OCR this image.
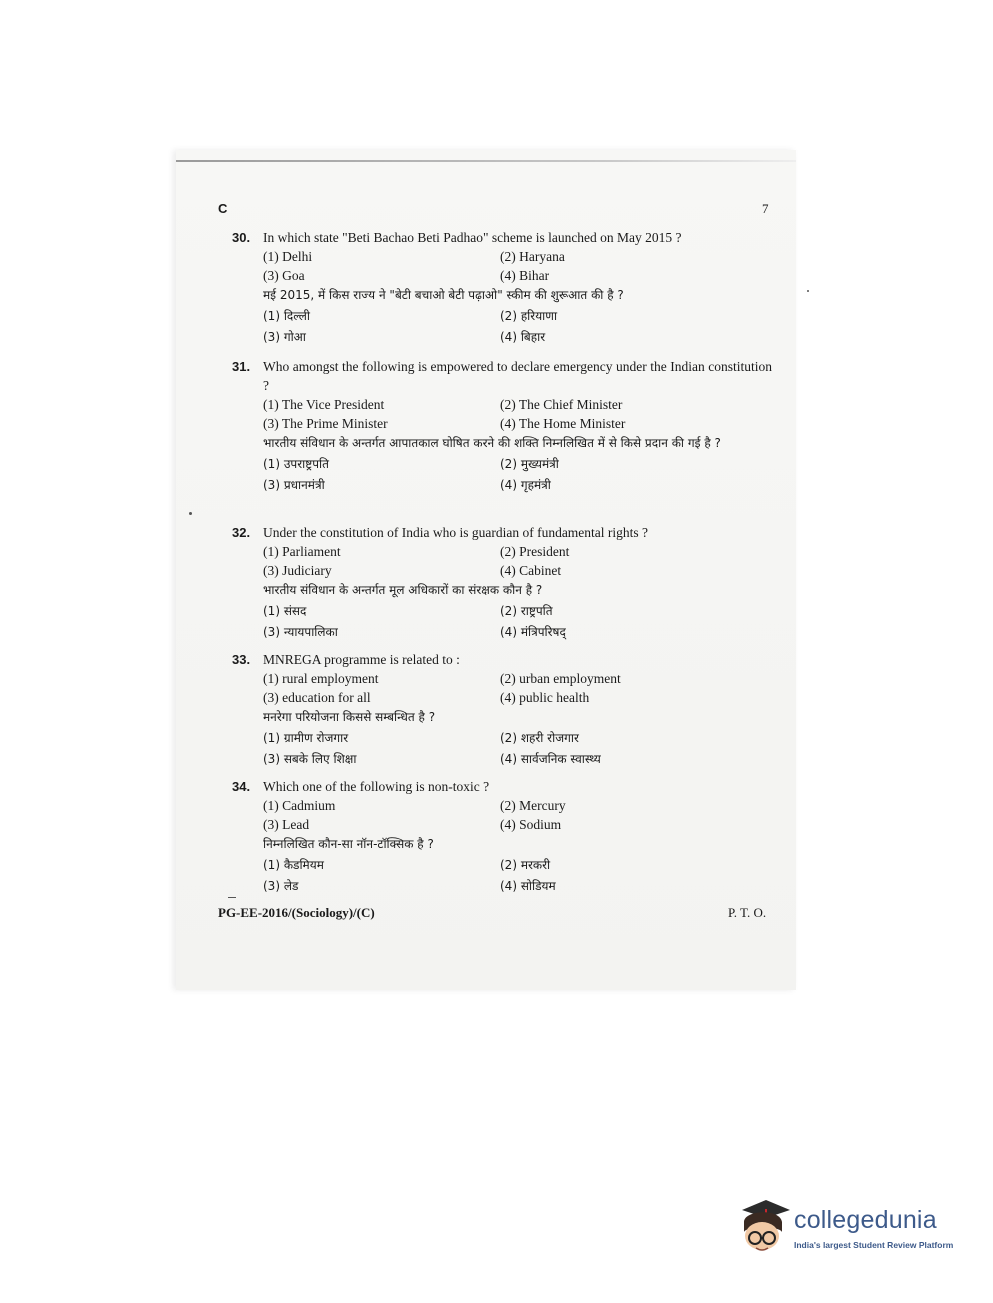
C	7
30. In which state "Beti Bachao Beti Padhao" scheme is launched on May 2015 ?
(1) Delhi	(2) Haryana
(3) Goa	(4) Bihar
मई 2015, में किस राज्य ने "बेटी बचाओ बेटी पढ़ाओ" स्कीम की शुरूआत की है ?
(1) दिल्ली	(2) हरियाणा
(3) गोआ	(4) बिहार
31. Who amongst the following is empowered to declare emergency under the Indian constitution ?
(1) The Vice President	(2) The Chief Minister
(3) The Prime Minister	(4) The Home Minister
भारतीय संविधान के अन्तर्गत आपातकाल घोषित करने की शक्ति निम्नलिखित में से किसे प्रदान की गई है ?
(1) उपराष्ट्रपति	(2) मुख्यमंत्री
(3) प्रधानमंत्री	(4) गृहमंत्री
32. Under the constitution of India who is guardian of fundamental rights ?
(1) Parliament	(2) President
(3) Judiciary	(4) Cabinet
भारतीय संविधान के अन्तर्गत मूल अधिकारों का संरक्षक कौन है ?
(1) संसद	(2) राष्ट्रपति
(3) न्यायपालिका	(4) मंत्रिपरिषद्
33. MNREGA programme is related to :
(1) rural employment	(2) urban employment
(3) education for all	(4) public health
मनरेगा परियोजना किससे सम्बन्धित है ?
(1) ग्रामीण रोजगार	(2) शहरी रोजगार
(3) सबके लिए शिक्षा	(4) सार्वजनिक स्वास्थ्य
34. Which one of the following is non-toxic ?
(1) Cadmium	(2) Mercury
(3) Lead	(4) Sodium
निम्नलिखित कौन-सा नॉन-टॉक्सिक है ?
(1) कैडमियम	(2) मरकरी
(3) लेड	(4) सोडियम
PG-EE-2016/(Sociology)/(C)	P. T. O.
collegedunia
India's largest Student Review Platform
